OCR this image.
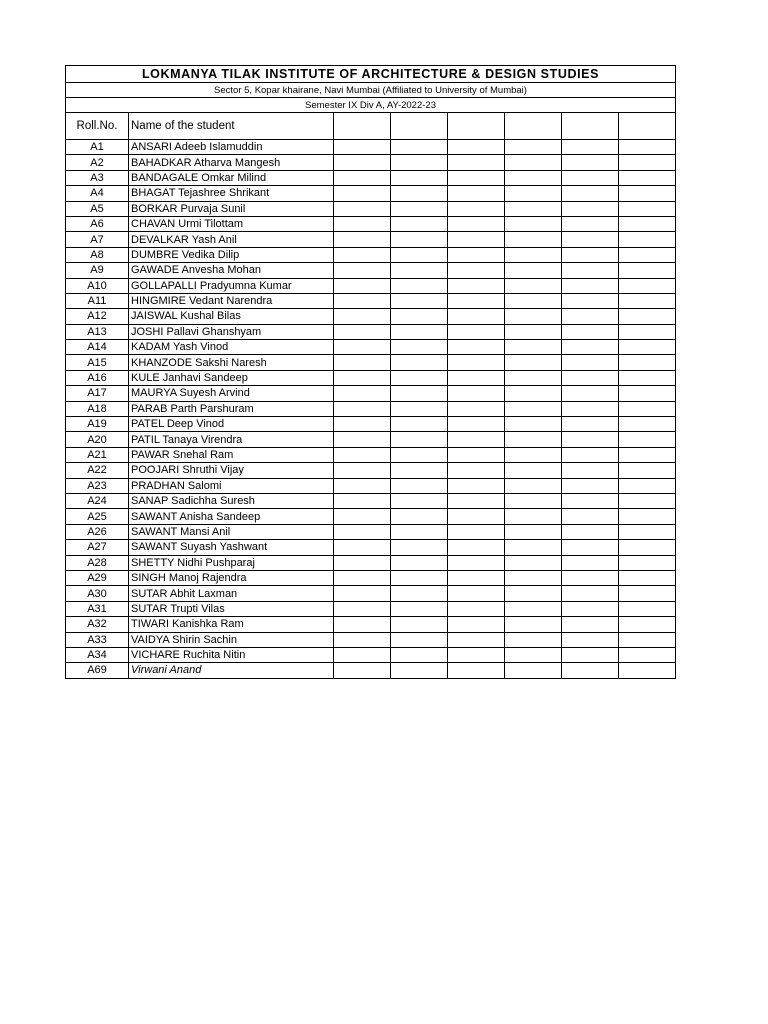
LOKMANYA TILAK INSTITUTE OF ARCHITECTURE & DESIGN STUDIES							
Sector 5, Kopar khairane, Navi Mumbai (Affiliated to University of Mumbai)							
Semester IX Div A, AY-2022-23							
Roll.No.	Name of the student						
A1	ANSARI Adeeb Islamuddin						
A2	BAHADKAR Atharva Mangesh						
A3	BANDAGALE Omkar Milind						
A4	BHAGAT Tejashree Shrikant						
A5	BORKAR Purvaja Sunil						
A6	CHAVAN Urmi Tilottam						
A7	DEVALKAR Yash Anil						
A8	DUMBRE Vedika Dilip						
A9	GAWADE Anvesha Mohan						
A10	GOLLAPALLI Pradyumna Kumar						
A11	HINGMIRE Vedant Narendra						
A12	JAISWAL Kushal Bilas						
A13	JOSHI Pallavi Ghanshyam						
A14	KADAM Yash Vinod						
A15	KHANZODE Sakshi Naresh						
A16	KULE Janhavi Sandeep						
A17	MAURYA Suyesh Arvind						
A18	PARAB Parth Parshuram						
A19	PATEL Deep Vinod						
A20	PATIL Tanaya Virendra						
A21	PAWAR Snehal Ram						
A22	POOJARI Shruthi Vijay						
A23	PRADHAN Salomi						
A24	SANAP Sadichha Suresh						
A25	SAWANT Anisha Sandeep						
A26	SAWANT Mansi Anil						
A27	SAWANT Suyash Yashwant						
A28	SHETTY Nidhi Pushparaj						
A29	SINGH Manoj Rajendra						
A30	SUTAR Abhit Laxman						
A31	SUTAR Trupti Vilas						
A32	TIWARI Kanishka Ram						
A33	VAIDYA Shirin Sachin						
A34	VICHARE Ruchita Nitin						
A69	Virwani Anand						
